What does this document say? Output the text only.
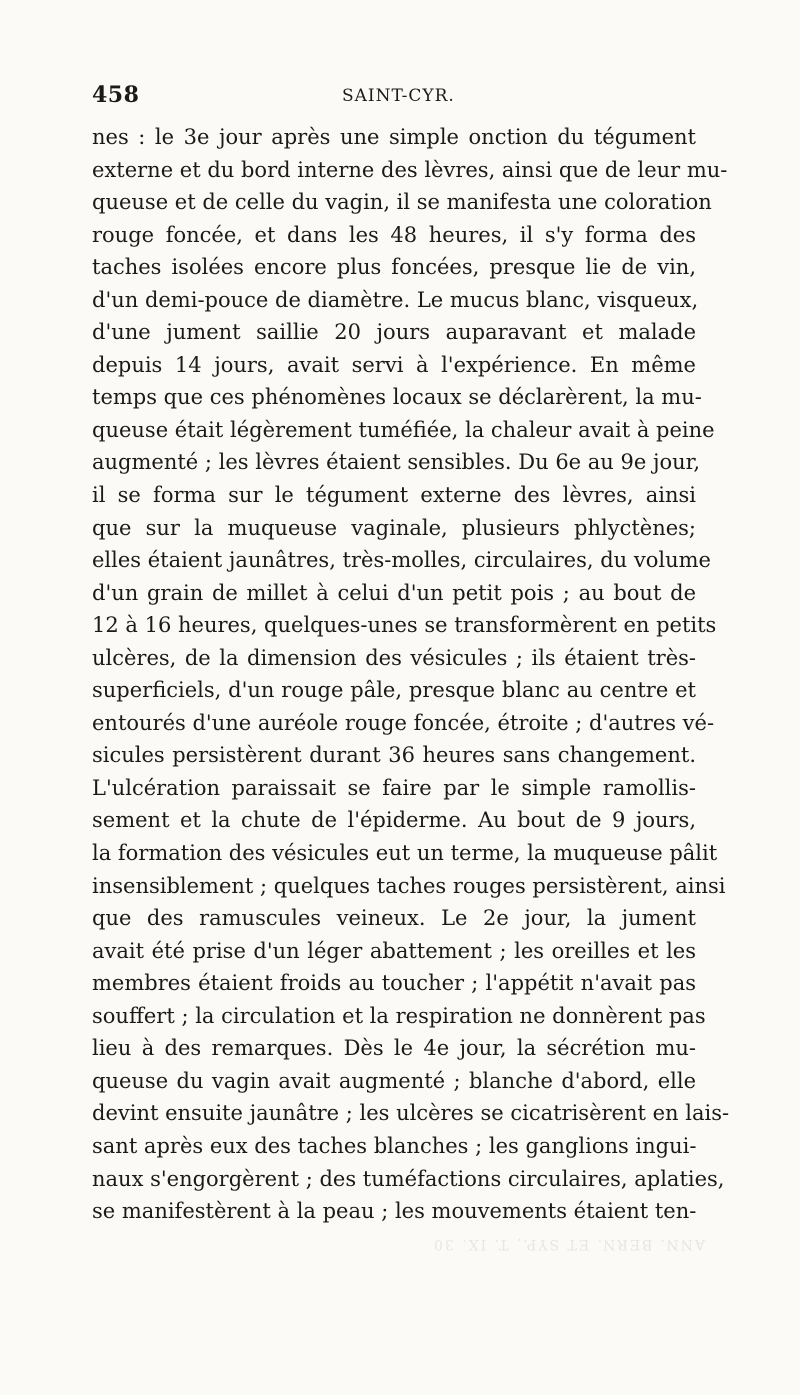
458	SAINT-CYR.
nes : le 3e jour après une simple onction du tégument
externe et du bord interne des lèvres, ainsi que de leur mu-
queuse et de celle du vagin, il se manifesta une coloration
rouge foncée, et dans les 48 heures, il s'y forma des
taches isolées encore plus foncées, presque lie de vin,
d'un demi-pouce de diamètre. Le mucus blanc, visqueux,
d'une jument saillie 20 jours auparavant et malade
depuis 14 jours, avait servi à l'expérience. En même
temps que ces phénomènes locaux se déclarèrent, la mu-
queuse était légèrement tuméfiée, la chaleur avait à peine
augmenté ; les lèvres étaient sensibles. Du 6e au 9e jour,
il se forma sur le tégument externe des lèvres, ainsi
que sur la muqueuse vaginale, plusieurs phlyctènes;
elles étaient jaunâtres, très-molles, circulaires, du volume
d'un grain de millet à celui d'un petit pois ; au bout de
12 à 16 heures, quelques-unes se transformèrent en petits
ulcères, de la dimension des vésicules ; ils étaient très-
superficiels, d'un rouge pâle, presque blanc au centre et
entourés d'une auréole rouge foncée, étroite ; d'autres vé-
sicules persistèrent durant 36 heures sans changement.
L'ulcération paraissait se faire par le simple ramollis-
sement et la chute de l'épiderme. Au bout de 9 jours,
la formation des vésicules eut un terme, la muqueuse pâlit
insensiblement ; quelques taches rouges persistèrent, ainsi
que des ramuscules veineux. Le 2e jour, la jument
avait été prise d'un léger abattement ; les oreilles et les
membres étaient froids au toucher ; l'appétit n'avait pas
souffert ; la circulation et la respiration ne donnèrent pas
lieu à des remarques. Dès le 4e jour, la sécrétion mu-
queuse du vagin avait augmenté ; blanche d'abord, elle
devint ensuite jaunâtre ; les ulcères se cicatrisèrent en lais-
sant après eux des taches blanches ; les ganglions ingui-
naux s'engorgèrent ; des tuméfactions circulaires, aplaties,
se manifestèrent à la peau ; les mouvements étaient ten-
ANN. BERN. ET SYP., T. IX. 30
